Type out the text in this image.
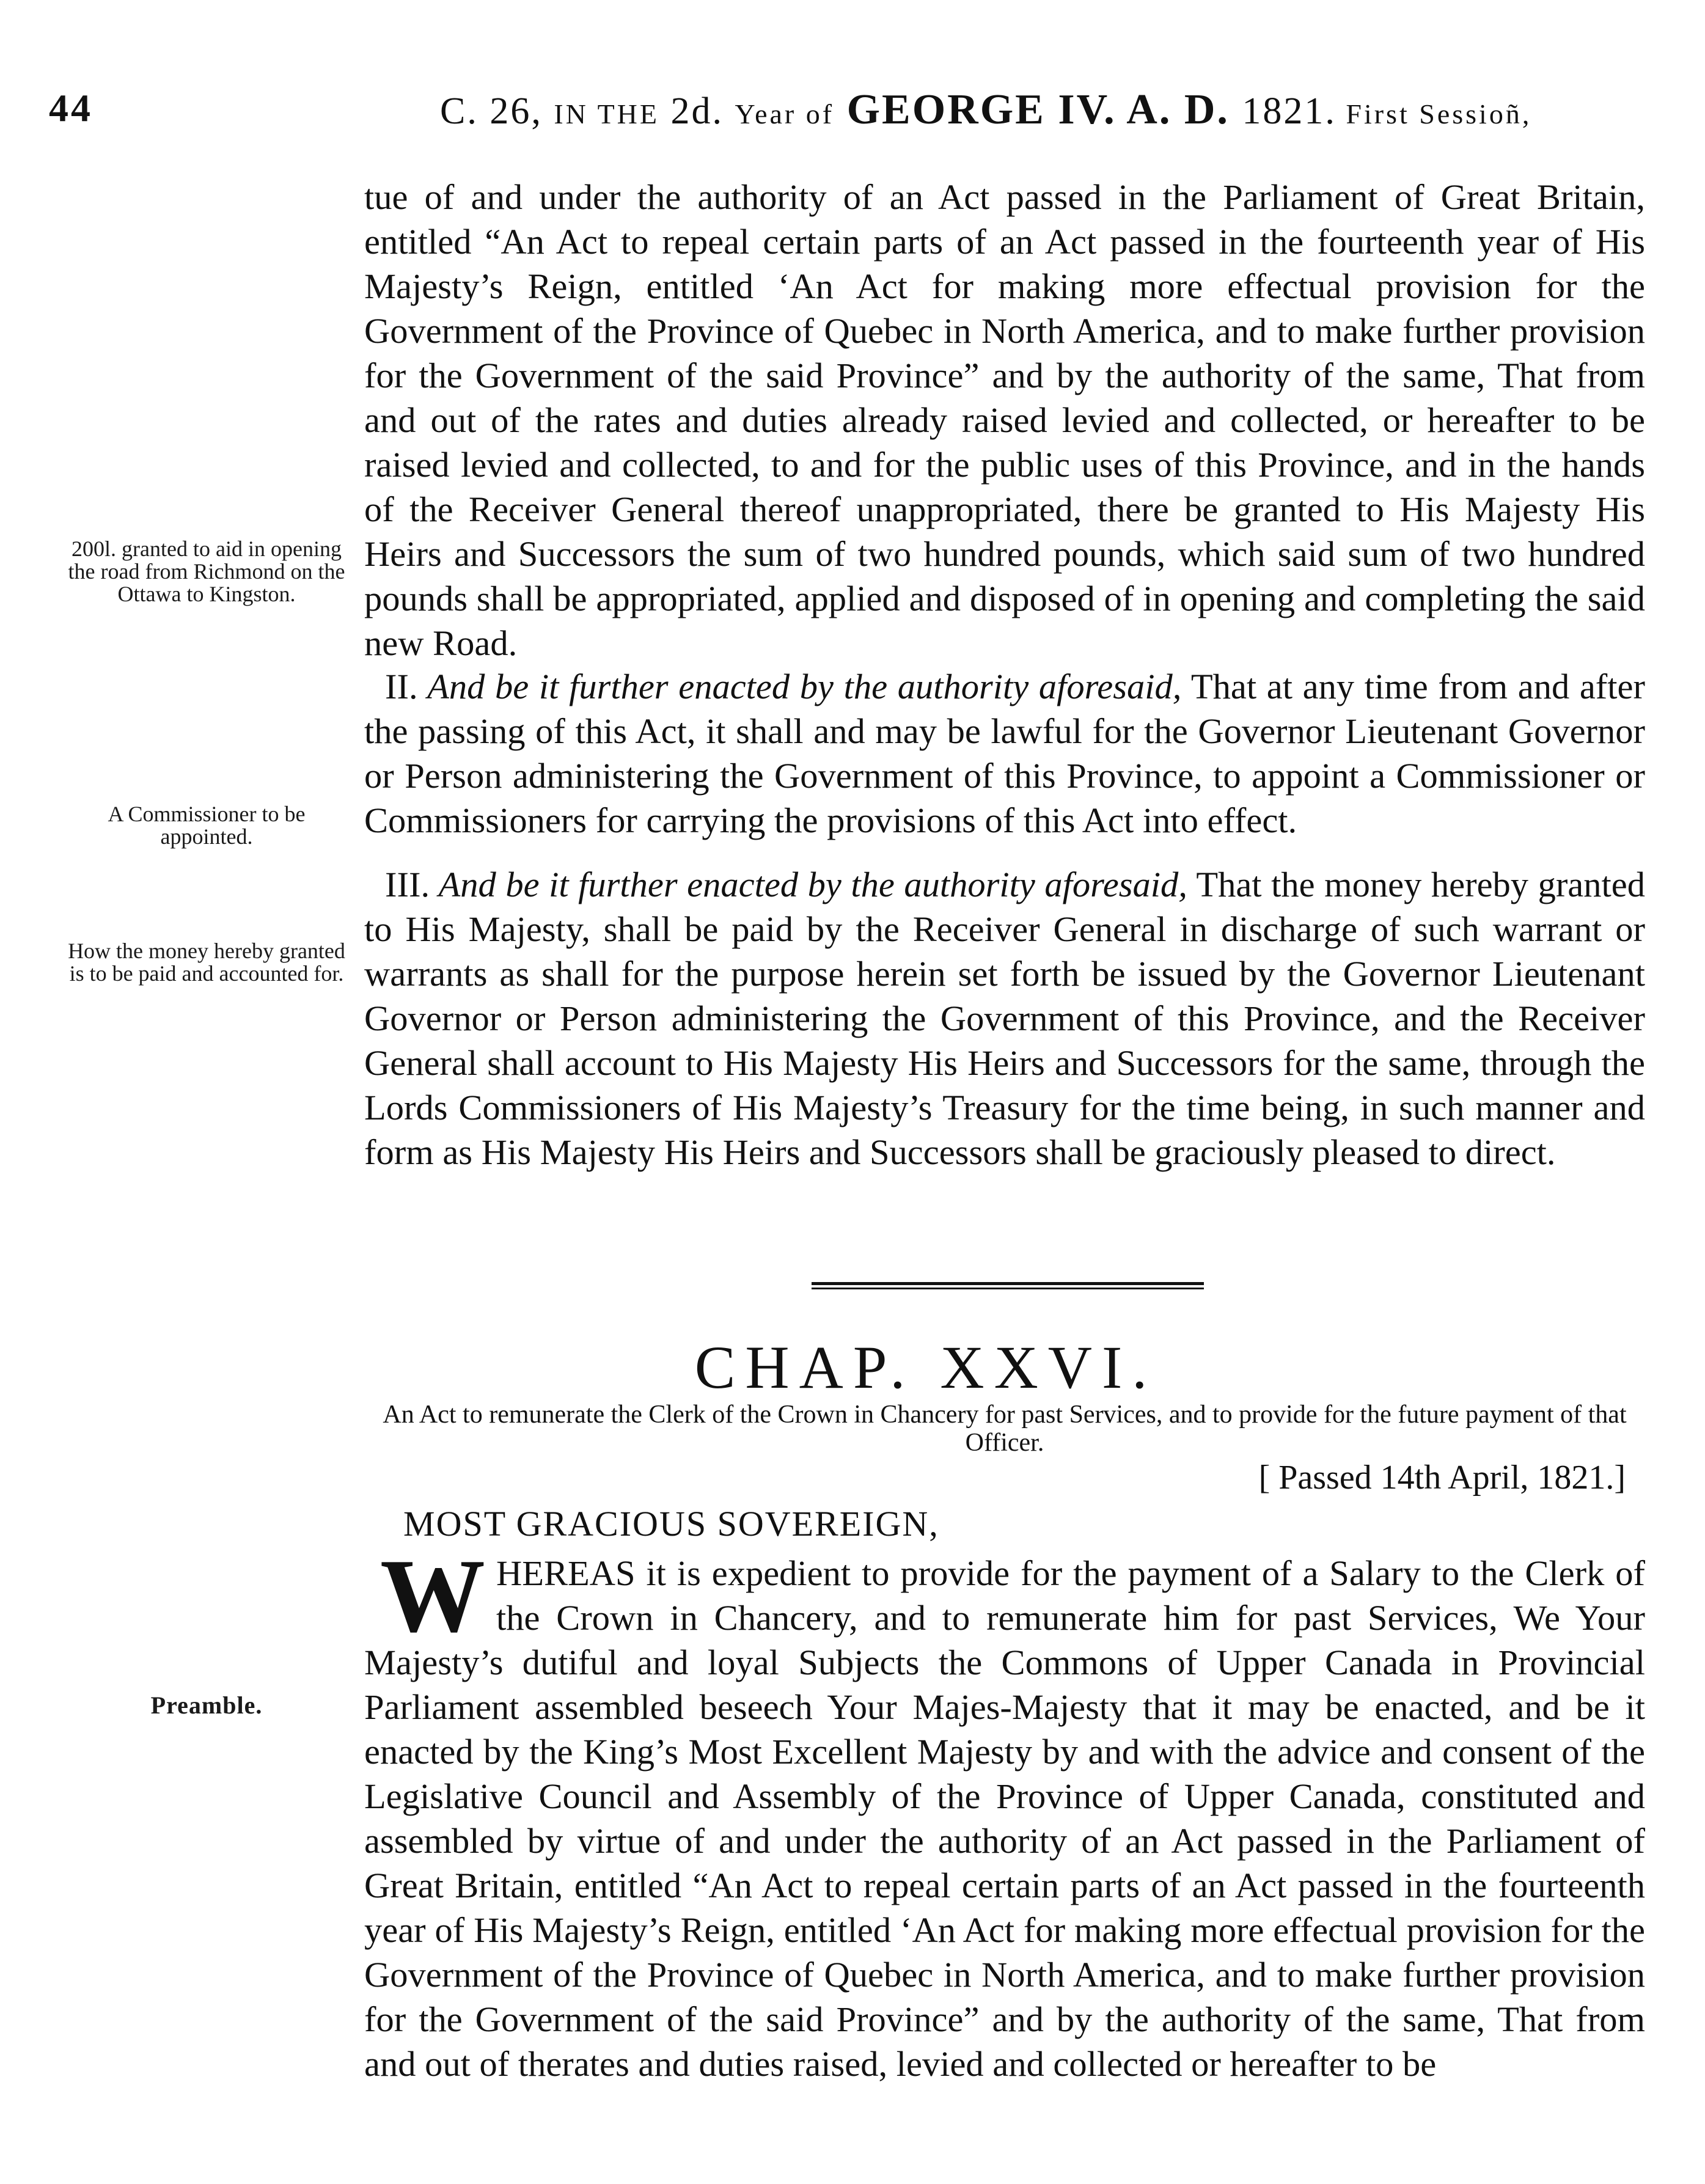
44	C. 26, IN THE 2d. Year of GEORGE IV. A. D. 1821. First Sessioñ,
200l. granted to aid in opening the road from Richmond on the Ottawa to Kingston.
A Commissioner to be appointed.
How the money hereby granted is to be paid and accounted for.
Preamble.

tue of and under the authority of an Act passed in the Parliament of Great Britain, entitled “An Act to repeal certain parts of an Act passed in the fourteenth year of His Majesty’s Reign, entitled ‘An Act for making more effectual provision for the Government of the Province of Quebec in North America, and to make further provision for the Government of the said Province” and by the authority of the same, That from and out of the rates and duties already raised levied and collected, or hereafter to be raised levied and collected, to and for the public uses of this Province, and in the hands of the Receiver General thereof unappropriated, there be granted to His Majesty His Heirs and Successors the sum of two hundred pounds, which said sum of two hundred pounds shall be appropriated, applied and disposed of in opening and completing the said new Road.

II. And be it further enacted by the authority aforesaid, That at any time from and after the passing of this Act, it shall and may be lawful for the Governor Lieutenant Governor or Person administering the Government of this Province, to appoint a Commissioner or Commissioners for carrying the provisions of this Act into effect.

III. And be it further enacted by the authority aforesaid, That the money hereby granted to His Majesty, shall be paid by the Receiver General in discharge of such warrant or warrants as shall for the purpose herein set forth be issued by the Governor Lieutenant Governor or Person administering the Government of this Province, and the Receiver General shall account to His Majesty His Heirs and Successors for the same, through the Lords Commissioners of His Majesty’s Treasury for the time being, in such manner and form as His Majesty His Heirs and Successors shall be graciously pleased to direct.

CHAP. XXVI.
An Act to remunerate the Clerk of the Crown in Chancery for past Services, and to provide for the future payment of that Officer.
[ Passed 14th April, 1821.]
MOST GRACIOUS SOVEREIGN,
WHEREAS it is expedient to provide for the payment of a Salary to the Clerk of the Crown in Chancery, and to remunerate him for past Services, We Your Majesty’s dutiful and loyal Subjects the Commons of Upper Canada in Provincial Parliament assembled beseech Your Majes-Majesty that it may be enacted, and be it enacted by the King’s Most Excellent Majesty by and with the advice and consent of the Legislative Council and Assembly of the Province of Upper Canada, constituted and assembled by virtue of and under the authority of an Act passed in the Parliament of Great Britain, entitled “An Act to repeal certain parts of an Act passed in the fourteenth year of His Majesty’s Reign, entitled ‘An Act for making more effectual provision for the Government of the Province of Quebec in North America, and to make further provision for the Government of the said Province” and by the authority of the same, That from and out of therates and duties raised, levied and collected or hereafter to be
